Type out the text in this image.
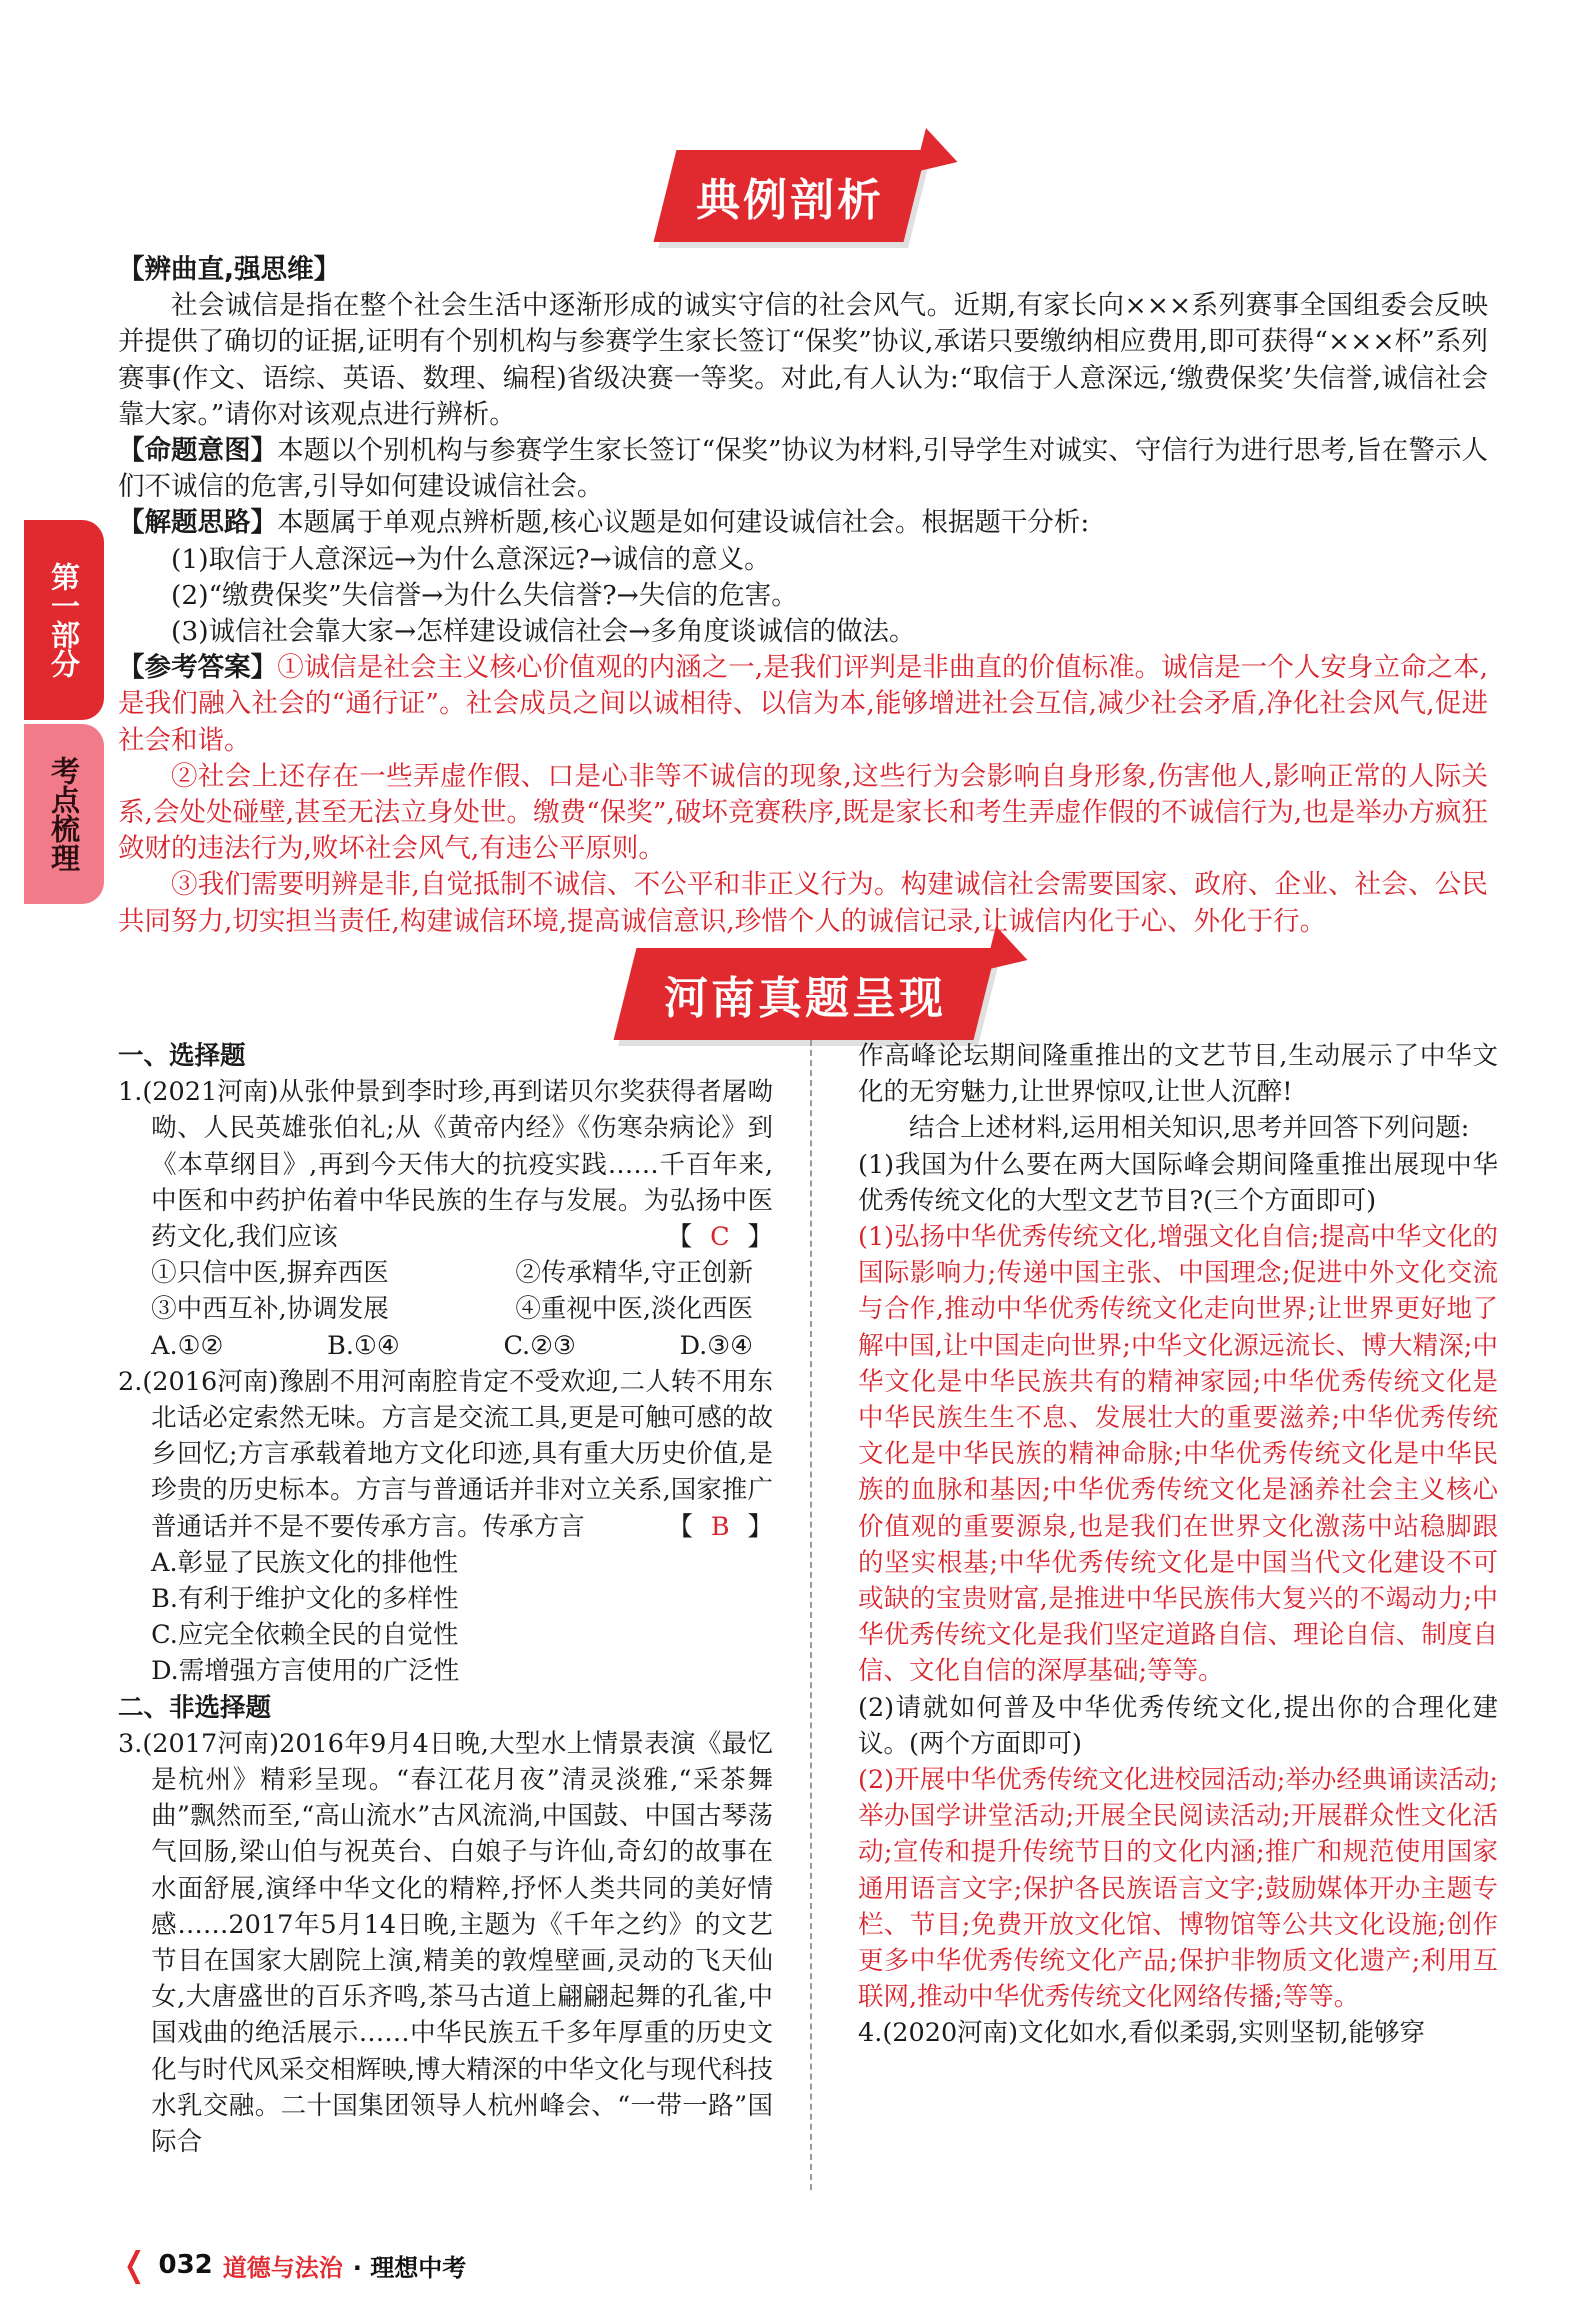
典例剖析
第一部分
考点梳理

【辨曲直,强思维】

社会诚信是指在整个社会生活中逐渐形成的诚实守信的社会风气。近期,有家长向×××系列赛事全国组委会反映并提供了确切的证据,证明有个别机构与参赛学生家长签订“保奖”协议,承诺只要缴纳相应费用,即可获得“×××杯”系列赛事(作文、语综、英语、数理、编程)省级决赛一等奖。对此,有人认为:“取信于人意深远,‘缴费保奖’失信誉,诚信社会靠大家。”请你对该观点进行辨析。

【命题意图】本题以个别机构与参赛学生家长签订“保奖”协议为材料,引导学生对诚实、守信行为进行思考,旨在警示人们不诚信的危害,引导如何建设诚信社会。

【解题思路】本题属于单观点辨析题,核心议题是如何建设诚信社会。根据题干分析:

(1)取信于人意深远→为什么意深远?→诚信的意义。

(2)“缴费保奖”失信誉→为什么失信誉?→失信的危害。

(3)诚信社会靠大家→怎样建设诚信社会→多角度谈诚信的做法。

【参考答案】①诚信是社会主义核心价值观的内涵之一,是我们评判是非曲直的价值标准。诚信是一个人安身立命之本,是我们融入社会的“通行证”。社会成员之间以诚相待、以信为本,能够增进社会互信,减少社会矛盾,净化社会风气,促进社会和谐。

②社会上还存在一些弄虚作假、口是心非等不诚信的现象,这些行为会影响自身形象,伤害他人,影响正常的人际关系,会处处碰壁,甚至无法立身处世。缴费“保奖”,破坏竞赛秩序,既是家长和考生弄虚作假的不诚信行为,也是举办方疯狂敛财的违法行为,败坏社会风气,有违公平原则。

③我们需要明辨是非,自觉抵制不诚信、不公平和非正义行为。构建诚信社会需要国家、政府、企业、社会、公民共同努力,切实担当责任,构建诚信环境,提高诚信意识,珍惜个人的诚信记录,让诚信内化于心、外化于行。

河南真题呈现

一、选择题

1.(2021河南)从张仲景到李时珍,再到诺贝尔奖获得者屠呦呦、人民英雄张伯礼;从《黄帝内经》《伤寒杂病论》到《本草纲目》,再到今天伟大的抗疫实践……千百年来,中医和中药护佑着中华民族的生存与发展。为弘扬中医药文化,我们应该	【 C 】

①只信中医,摒弃西医	②传承精华,守正创新
③中西互补,协调发展	④重视中医,淡化西医
A.①②	B.①④	C.②③	D.③④

2.(2016河南)豫剧不用河南腔肯定不受欢迎,二人转不用东北话必定索然无味。方言是交流工具,更是可触可感的故乡回忆;方言承载着地方文化印迹,具有重大历史价值,是珍贵的历史标本。方言与普通话并非对立关系,国家推广普通话并不是不要传承方言。传承方言	【 B 】

A.彰显了民族文化的排他性

B.有利于维护文化的多样性

C.应完全依赖全民的自觉性

D.需增强方言使用的广泛性

二、非选择题

3.(2017河南)2016年9月4日晚,大型水上情景表演《最忆是杭州》精彩呈现。“春江花月夜”清灵淡雅,“采茶舞曲”飘然而至,“高山流水”古风流淌,中国鼓、中国古琴荡气回肠,梁山伯与祝英台、白娘子与许仙,奇幻的故事在水面舒展,演绎中华文化的精粹,抒怀人类共同的美好情感……2017年5月14日晚,主题为《千年之约》的文艺节目在国家大剧院上演,精美的敦煌壁画,灵动的飞天仙女,大唐盛世的百乐齐鸣,茶马古道上翩翩起舞的孔雀,中国戏曲的绝活展示……中华民族五千多年厚重的历史文化与时代风采交相辉映,博大精深的中华文化与现代科技水乳交融。二十国集团领导人杭州峰会、“一带一路”国际合

作高峰论坛期间隆重推出的文艺节目,生动展示了中华文化的无穷魅力,让世界惊叹,让世人沉醉!

结合上述材料,运用相关知识,思考并回答下列问题:

(1)我国为什么要在两大国际峰会期间隆重推出展现中华优秀传统文化的大型文艺节目?(三个方面即可)

(1)弘扬中华优秀传统文化,增强文化自信;提高中华文化的国际影响力;传递中国主张、中国理念;促进中外文化交流与合作,推动中华优秀传统文化走向世界;让世界更好地了解中国,让中国走向世界;中华文化源远流长、博大精深;中华文化是中华民族共有的精神家园;中华优秀传统文化是中华民族生生不息、发展壮大的重要滋养;中华优秀传统文化是中华民族的精神命脉;中华优秀传统文化是中华民族的血脉和基因;中华优秀传统文化是涵养社会主义核心价值观的重要源泉,也是我们在世界文化激荡中站稳脚跟的坚实根基;中华优秀传统文化是中国当代文化建设不可或缺的宝贵财富,是推进中华民族伟大复兴的不竭动力;中华优秀传统文化是我们坚定道路自信、理论自信、制度自信、文化自信的深厚基础;等等。

(2)请就如何普及中华优秀传统文化,提出你的合理化建议。(两个方面即可)

(2)开展中华优秀传统文化进校园活动;举办经典诵读活动;举办国学讲堂活动;开展全民阅读活动;开展群众性文化活动;宣传和提升传统节日的文化内涵;推广和规范使用国家通用语言文字;保护各民族语言文字;鼓励媒体开办主题专栏、节目;免费开放文化馆、博物馆等公共文化设施;创作更多中华优秀传统文化产品;保护非物质文化遗产;利用互联网,推动中华优秀传统文化网络传播;等等。

4.(2020河南)文化如水,看似柔弱,实则坚韧,能够穿

❬ 032 道德与法治 · 理想中考
